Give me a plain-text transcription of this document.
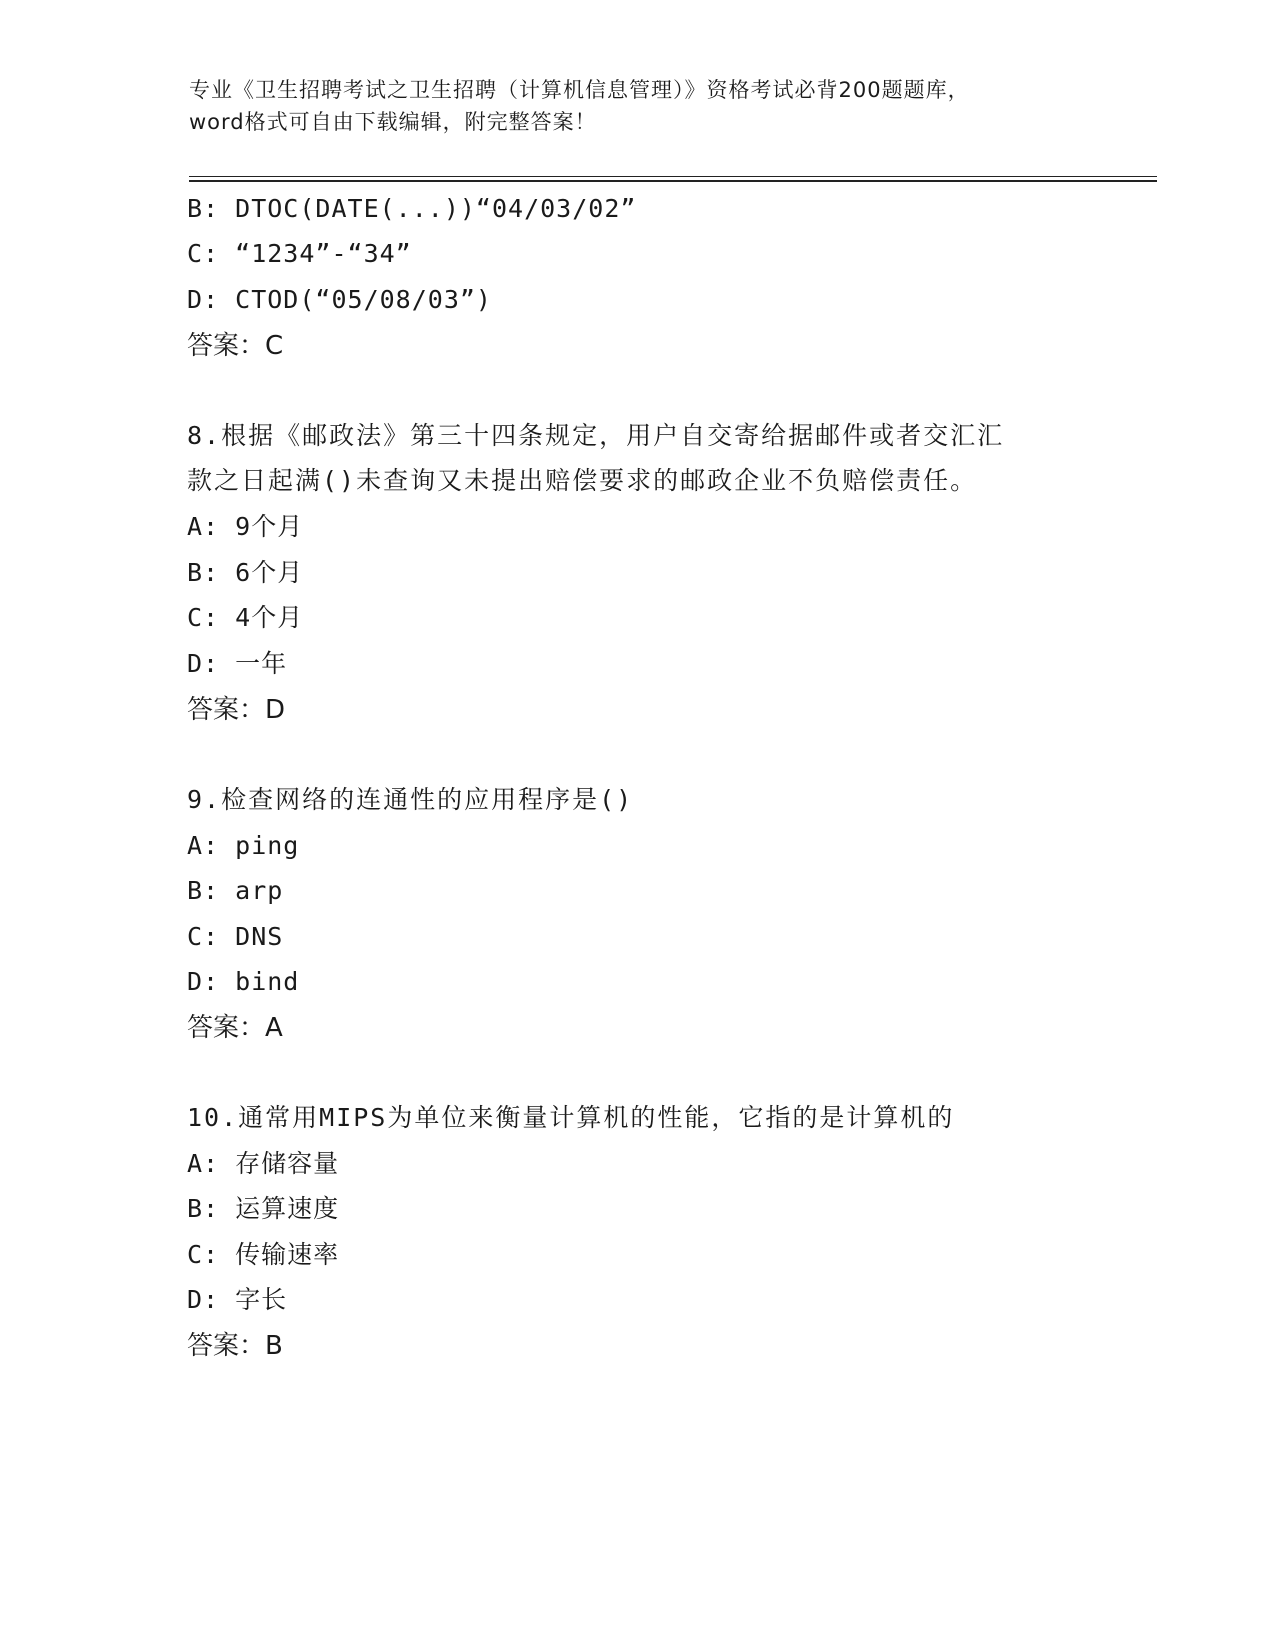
专业《卫生招聘考试之卫生招聘（计算机信息管理）》资格考试必背200题题库，
word格式可自由下载编辑，附完整答案！
B: DTOC(DATE(...))“04/03/02”
C: “1234”-“34”
D: CTOD(“05/08/03”)
答案：C
8.根据《邮政法》第三十四条规定，用户自交寄给据邮件或者交汇汇
款之日起满()未查询又未提出赔偿要求的邮政企业不负赔偿责任。
A: 9个月
B: 6个月
C: 4个月
D: 一年
答案：D
9.检查网络的连通性的应用程序是()
A: ping
B: arp
C: DNS
D: bind
答案：A
10.通常用MIPS为单位来衡量计算机的性能，它指的是计算机的
A: 存储容量
B: 运算速度
C: 传输速率
D: 字长
答案：B
